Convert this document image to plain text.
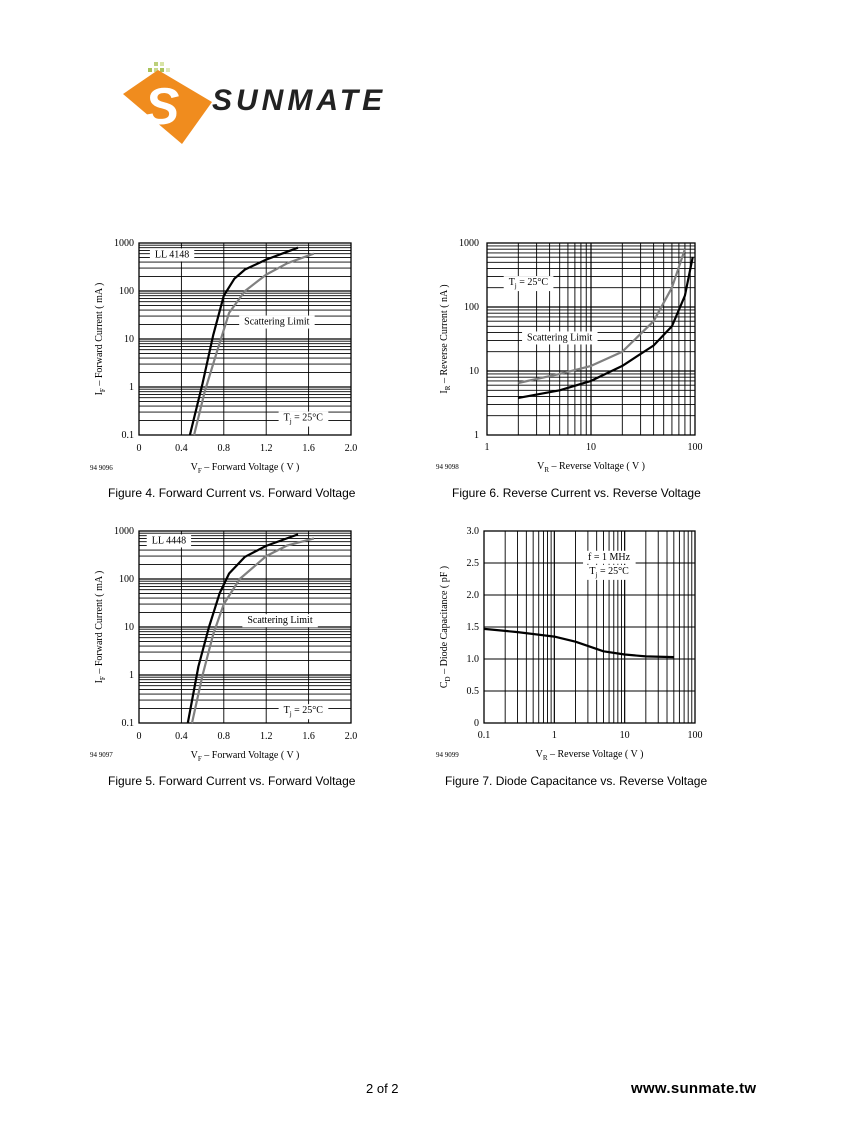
S SUNMATE
LL 4148
Scattering Limit
$T_j = 25^\circ C$
0.1
1
10
100
1000
0	0.4	0.8	1.2	1.6	2.0
$V_F$ – Forward Voltage ( V )
$I_F$ – Forward Current ( mA )
94 9096
LL 4448
Scattering Limit
$T_j = 25^\circ C$
0.1
1
10
100
1000
0	0.4	0.8	1.2	1.6	2.0
$V_F$ – Forward Voltage ( V )
$I_F$ – Forward Current ( mA )
94 9097
$T_j = 25^\circ C$
Scattering Limit
1
10
100
1000
1	10	100
$V_R$ – Reverse Voltage ( V )
$I_R$ – Reverse Current ( nA )
94 9098
f = 1 MHz
$T_j = 25^\circ C$
0
0.5
1.0
1.5
2.0
2.5
3.0
0.1	1	10	100
$V_R$ – Reverse Voltage ( V )
$C_D$ – Diode Capacitance ( pF )
94 9099
Figure 4. Forward Current vs. Forward Voltage
Figure 5. Forward Current vs. Forward Voltage
Figure 6. Reverse Current vs. Reverse Voltage
Figure 7. Diode Capacitance vs. Reverse Voltage
2 of 2	www.sunmate.tw
